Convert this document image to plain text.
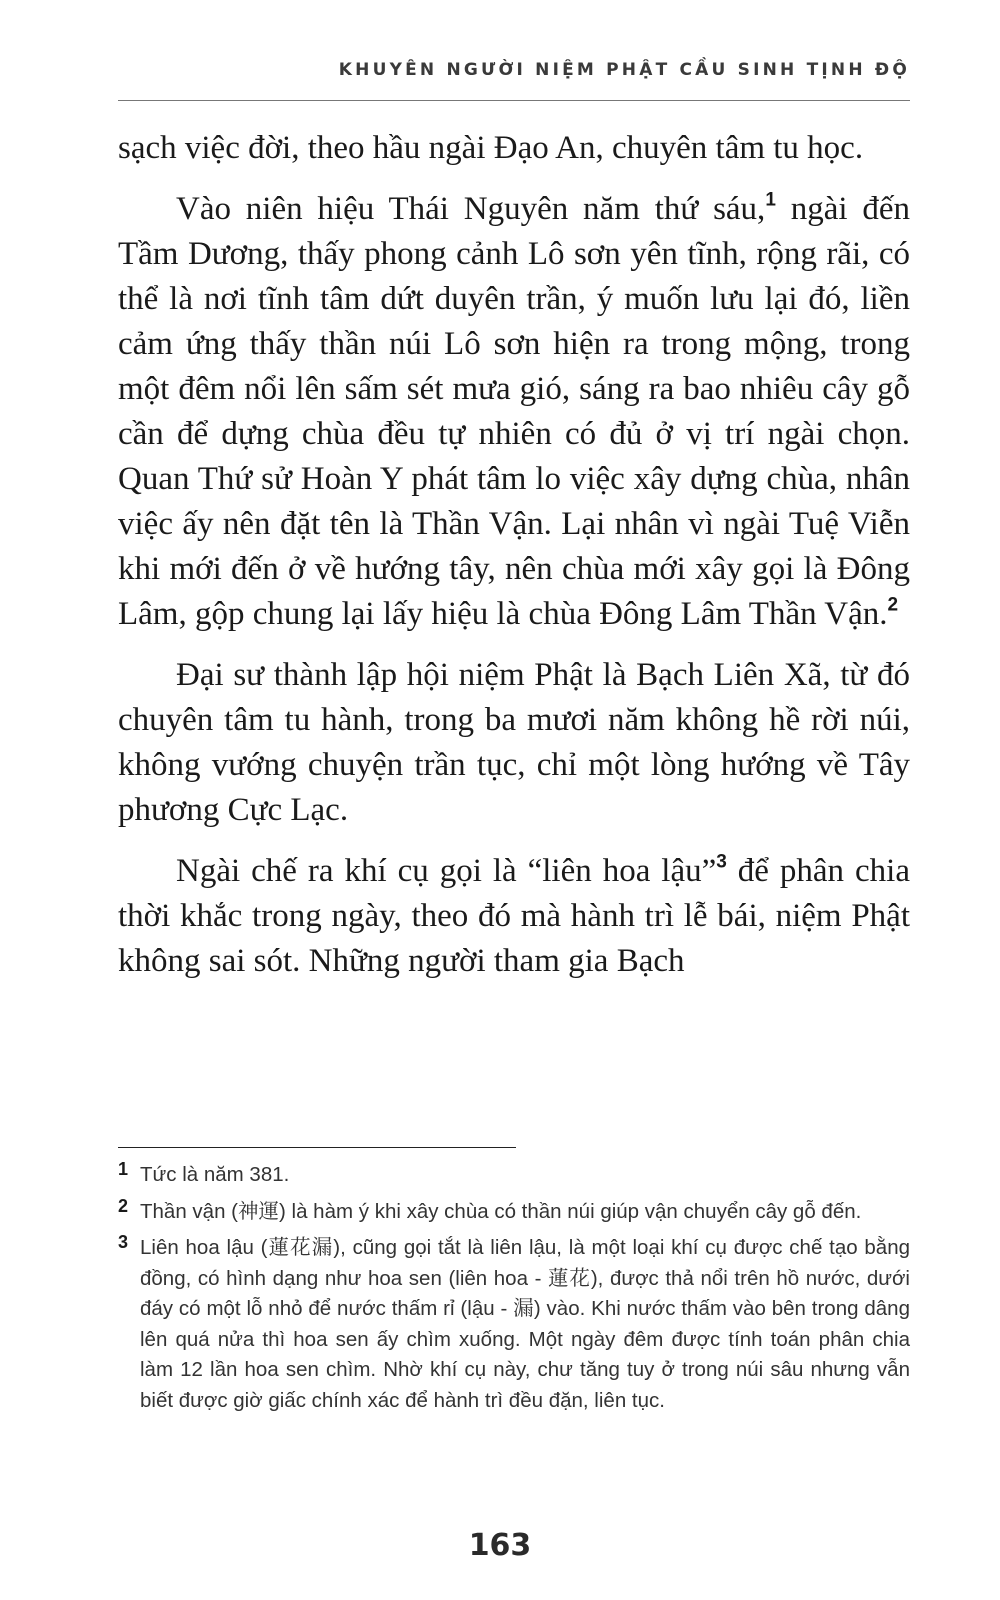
KHUYÊN NGƯỜI NIỆM PHẬT CẦU SINH TỊNH ĐỘ

sạch việc đời, theo hầu ngài Đạo An, chuyên tâm tu học.

Vào niên hiệu Thái Nguyên năm thứ sáu,$^1$ ngài đến Tầm Dương, thấy phong cảnh Lô sơn yên tĩnh, rộng rãi, có thể là nơi tĩnh tâm dứt duyên trần, ý muốn lưu lại đó, liền cảm ứng thấy thần núi Lô sơn hiện ra trong mộng, trong một đêm nổi lên sấm sét mưa gió, sáng ra bao nhiêu cây gỗ cần để dựng chùa đều tự nhiên có đủ ở vị trí ngài chọn. Quan Thứ sử Hoàn Y phát tâm lo việc xây dựng chùa, nhân việc ấy nên đặt tên là Thần Vận. Lại nhân vì ngài Tuệ Viễn khi mới đến ở về hướng tây, nên chùa mới xây gọi là Đông Lâm, gộp chung lại lấy hiệu là chùa Đông Lâm Thần Vận.$^2$

Đại sư thành lập hội niệm Phật là Bạch Liên Xã, từ đó chuyên tâm tu hành, trong ba mươi năm không hề rời núi, không vướng chuyện trần tục, chỉ một lòng hướng về Tây phương Cực Lạc.

Ngài chế ra khí cụ gọi là “liên hoa lậu”$^3$ để phân chia thời khắc trong ngày, theo đó mà hành trì lễ bái, niệm Phật không sai sót. Những người tham gia Bạch

1 Tức là năm 381.
2 Thần vận (神運) là hàm ý khi xây chùa có thần núi giúp vận chuyển cây gỗ đến.
3 Liên hoa lậu (蓮花漏), cũng gọi tắt là liên lậu, là một loại khí cụ được chế tạo bằng đồng, có hình dạng như hoa sen (liên hoa - 蓮花), được thả nổi trên hồ nước, dưới đáy có một lỗ nhỏ để nước thấm rỉ (lậu - 漏) vào. Khi nước thấm vào bên trong dâng lên quá nửa thì hoa sen ấy chìm xuống. Một ngày đêm được tính toán phân chia làm 12 lần hoa sen chìm. Nhờ khí cụ này, chư tăng tuy ở trong núi sâu nhưng vẫn biết được giờ giấc chính xác để hành trì đều đặn, liên tục.
163
